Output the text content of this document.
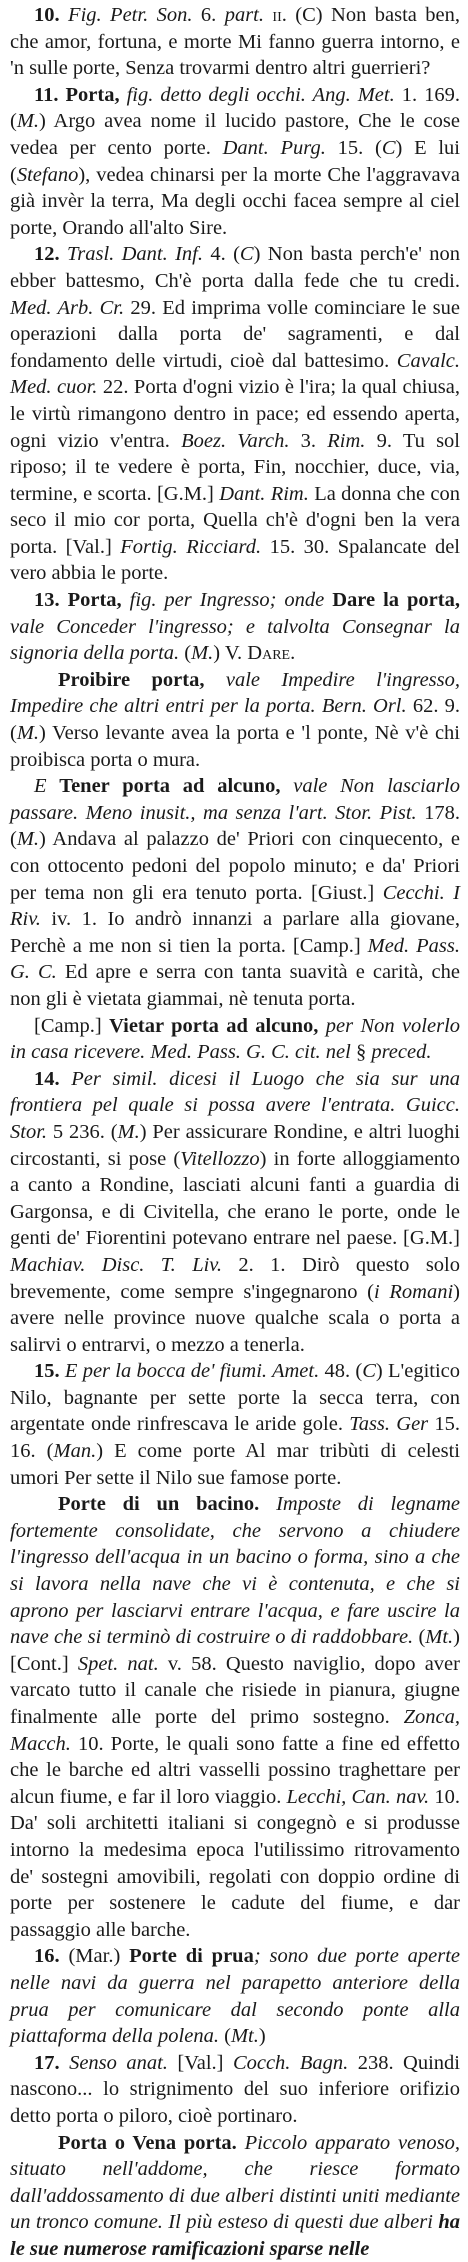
10. Fig. Petr. Son. 6. part. ii. (C) Non basta ben, che amor, fortuna, e morte Mi fanno guerra intorno, e 'n sulle porte, Senza trovarmi dentro altri guerrieri?

11. Porta, fig. detto degli occhi. Ang. Met. 1. 169. (M.) Argo avea nome il lucido pastore, Che le cose vedea per cento porte. Dant. Purg. 15. (C) E lui (Stefano), vedea chinarsi per la morte Che l'aggravava già invèr la terra, Ma degli occhi facea sempre al ciel porte, Orando all'alto Sire.

12. Trasl. Dant. Inf. 4. (C) Non basta perch'e' non ebber battesmo, Ch'è porta dalla fede che tu credi. Med. Arb. Cr. 29. Ed imprima volle cominciare le sue operazioni dalla porta de' sagramenti, e dal fondamento delle virtudi, cioè dal battesimo. Cavalc. Med. cuor. 22. Porta d'ogni vizio è l'ira; la qual chiusa, le virtù rimangono dentro in pace; ed essendo aperta, ogni vizio v'entra. Boez. Varch. 3. Rim. 9. Tu sol riposo; il te vedere è porta, Fin, nocchier, duce, via, termine, e scorta. [G.M.] Dant. Rim. La donna che con seco il mio cor porta, Quella ch'è d'ogni ben la vera porta. [Val.] Fortig. Ricciard. 15. 30. Spalancate del vero abbia le porte.

13. Porta, fig. per Ingresso; onde Dare la porta, vale Conceder l'ingresso; e talvolta Consegnar la signoria della porta. (M.) V. Dare.

Proibire porta, vale Impedire l'ingresso, Impedire che altri entri per la porta. Bern. Orl. 62. 9. (M.) Verso levante avea la porta e 'l ponte, Nè v'è chi proibisca porta o mura.

E Tener porta ad alcuno, vale Non lasciarlo passare. Meno inusit., ma senza l'art. Stor. Pist. 178. (M.) Andava al palazzo de' Priori con cinquecento, e con ottocento pedoni del popolo minuto; e da' Priori per tema non gli era tenuto porta. [Giust.] Cecchi. I Riv. iv. 1. Io andrò innanzi a parlare alla giovane, Perchè a me non si tien la porta. [Camp.] Med. Pass. G. C. Ed apre e serra con tanta suavità e carità, che non gli è vietata giammai, nè tenuta porta.

[Camp.] Vietar porta ad alcuno, per Non volerlo in casa ricevere. Med. Pass. G. C. cit. nel § preced.

14. Per simil. dicesi il Luogo che sia sur una frontiera pel quale si possa avere l'entrata. Guicc. Stor. 5 236. (M.) Per assicurare Rondine, e altri luoghi circostanti, si pose (Vitellozzo) in forte alloggiamento a canto a Rondine, lasciati alcuni fanti a guardia di Gargonsa, e di Civitella, che erano le porte, onde le genti de' Fiorentini potevano entrare nel paese. [G.M.] Machiav. Disc. T. Liv. 2. 1. Dirò questo solo brevemente, come sempre s'ingegnarono (i Romani) avere nelle province nuove qualche scala o porta a salirvi o entrarvi, o mezzo a tenerla.

15. E per la bocca de' fiumi. Amet. 48. (C) L'egitico Nilo, bagnante per sette porte la secca terra, con argentate onde rinfrescava le aride gole. Tass. Ger 15. 16. (Man.) E come porte Al mar tribùti di celesti umori Per sette il Nilo sue famose porte.

Porte di un bacino. Imposte di legname fortemente consolidate, che servono a chiudere l'ingresso dell'acqua in un bacino o forma, sino a che si lavora nella nave che vi è contenuta, e che si aprono per lasciarvi entrare l'acqua, e fare uscire la nave che si terminò di costruire o di raddobbare. (Mt.) [Cont.] Spet. nat. v. 58. Questo naviglio, dopo aver varcato tutto il canale che risiede in pianura, giugne finalmente alle porte del primo sostegno. Zonca, Macch. 10. Porte, le quali sono fatte a fine ed effetto che le barche ed altri vasselli possino traghettare per alcun fiume, e far il loro viaggio. Lecchi, Can. nav. 10. Da' soli architetti italiani si congegnò e si produsse intorno la medesima epoca l'utilissimo ritrovamento de' sostegni amovibili, regolati con doppio ordine di porte per sostenere le cadute del fiume, e dar passaggio alle barche.

16. (Mar.) Porte di prua; sono due porte aperte nelle navi da guerra nel parapetto anteriore della prua per comunicare dal secondo ponte alla piattaforma della polena. (Mt.)

17. Senso anat. [Val.] Cocch. Bagn. 238. Quindi nascono... lo strignimento del suo inferiore orifizio detto porta o piloro, cioè portinaro.

Porta o Vena porta. Piccolo apparato venoso, situato nell'addome, che riesce formato dall'addossamento di due alberi distinti uniti mediante un tronco comune. Il più esteso di questi due alberi ha le sue numerose ramificazioni sparse nelle
